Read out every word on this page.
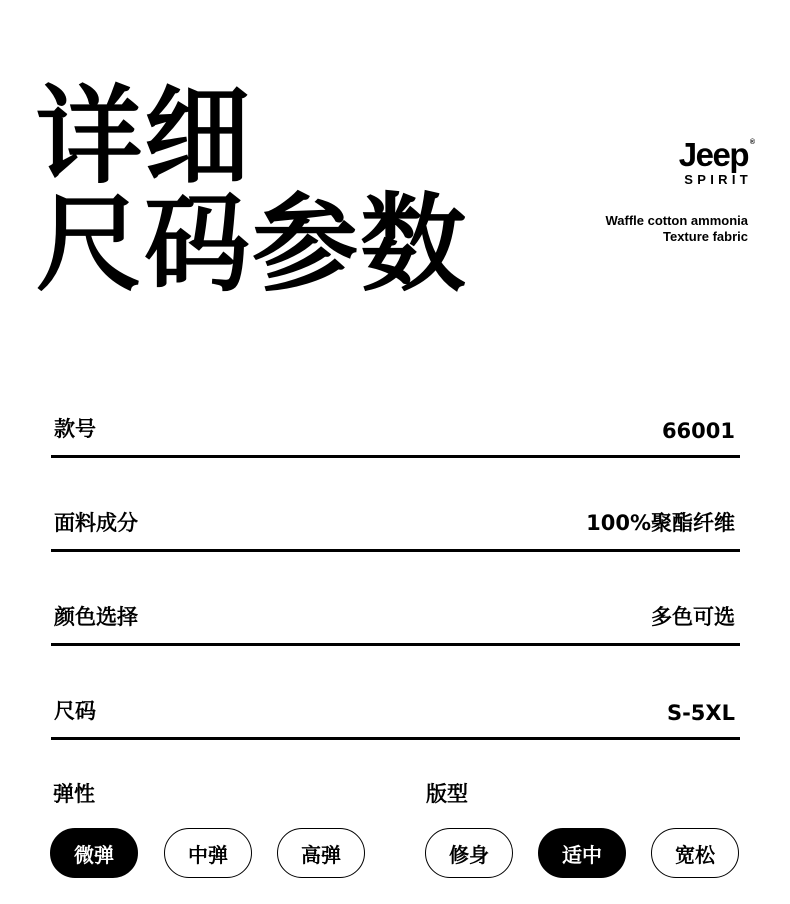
详细
尺码参数
Jeep ®
SPIRIT
Waffle cotton ammonia
Texture fabric
款号	66001
面料成分	100%聚酯纤维
颜色选择	多色可选
尺码	S-5XL
弹性	版型
微弹	中弹	高弹	修身	适中	宽松
